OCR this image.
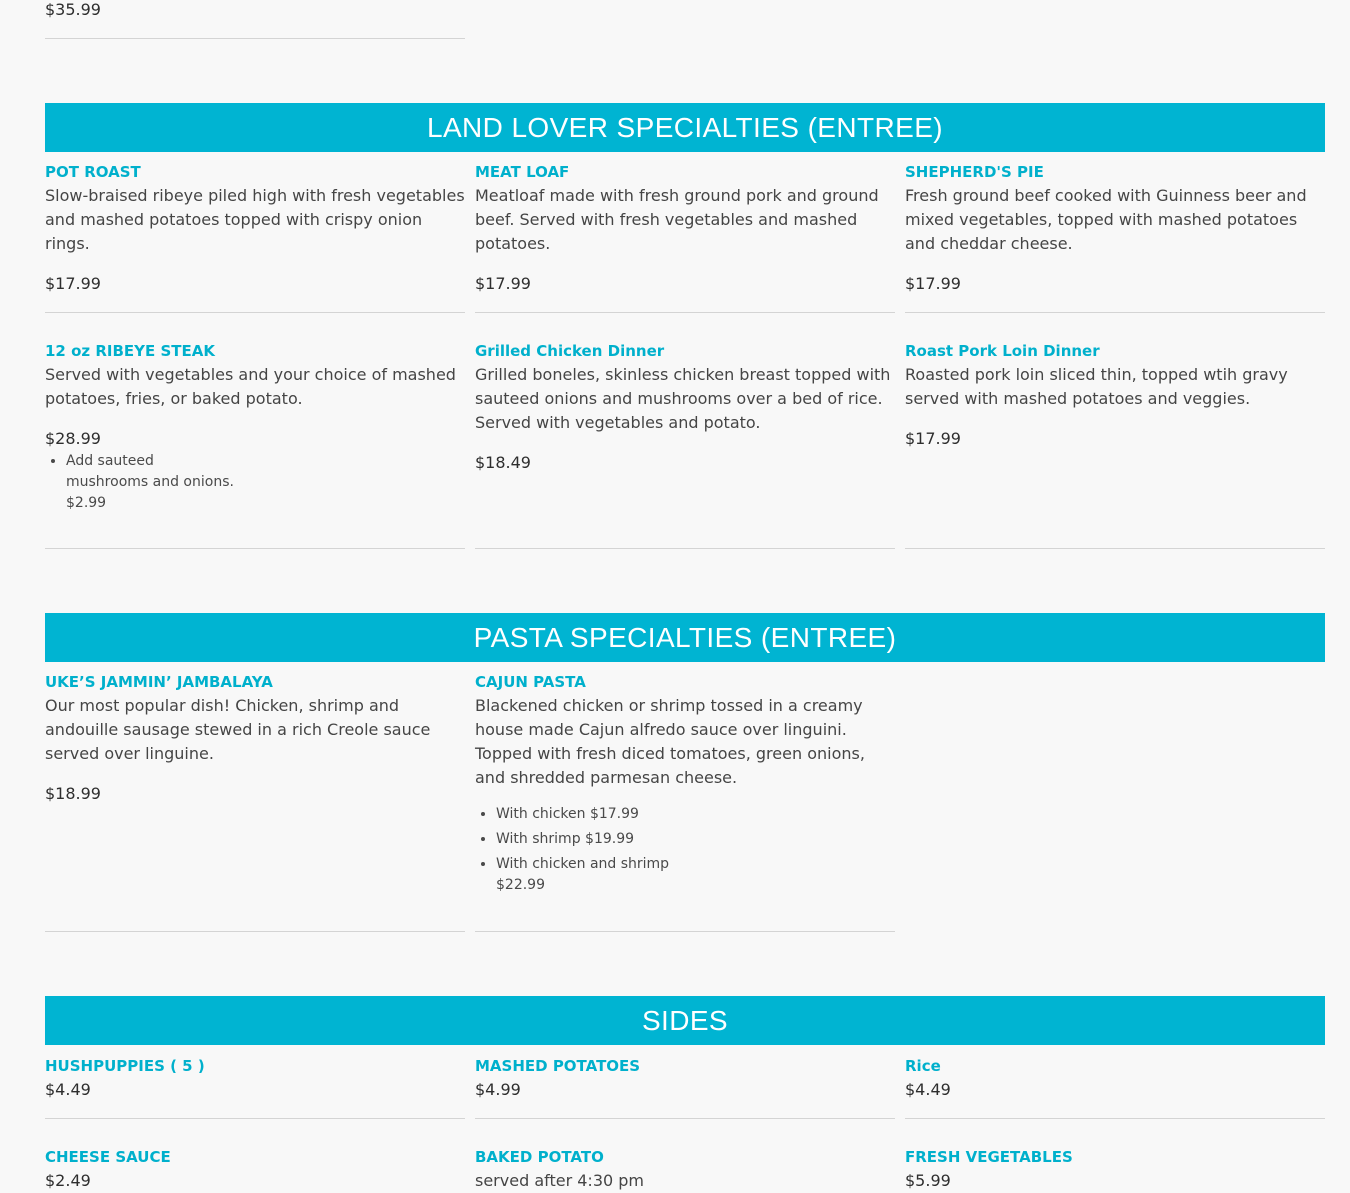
$35.99
LAND LOVER SPECIALTIES (ENTREE)
POT ROAST
Slow-braised ribeye piled high with fresh vegetables and mashed potatoes topped with crispy onion rings.
$17.99
MEAT LOAF
Meatloaf made with fresh ground pork and ground beef. Served with fresh vegetables and mashed potatoes.
$17.99
SHEPHERD'S PIE
Fresh ground beef cooked with Guinness beer and mixed vegetables, topped with mashed potatoes and cheddar cheese.
$17.99
12 oz RIBEYE STEAK
Served with vegetables and your choice of mashed potatoes, fries, or baked potato.
$28.99
• Add sauteed mushrooms and onions.
$2.99
Grilled Chicken Dinner
Grilled boneles, skinless chicken breast topped with sauteed onions and mushrooms over a bed of rice. Served with vegetables and potato.
$18.49
Roast Pork Loin Dinner
Roasted pork loin sliced thin, topped wtih gravy served with mashed potatoes and veggies.
$17.99
PASTA SPECIALTIES (ENTREE)
UKE’S JAMMIN’ JAMBALAYA
Our most popular dish! Chicken, shrimp and andouille sausage stewed in a rich Creole sauce served over linguine.
$18.99
CAJUN PASTA
Blackened chicken or shrimp tossed in a creamy house made Cajun alfredo sauce over linguini. Topped with fresh diced tomatoes, green onions, and shredded parmesan cheese.
• With chicken $17.99
• With shrimp $19.99
• With chicken and shrimp
$22.99
SIDES
HUSHPUPPIES ( 5 )
$4.49
MASHED POTATOES
$4.99
Rice
$4.49
CHEESE SAUCE
$2.49
BAKED POTATO
served after 4:30 pm
FRESH VEGETABLES
$5.99
